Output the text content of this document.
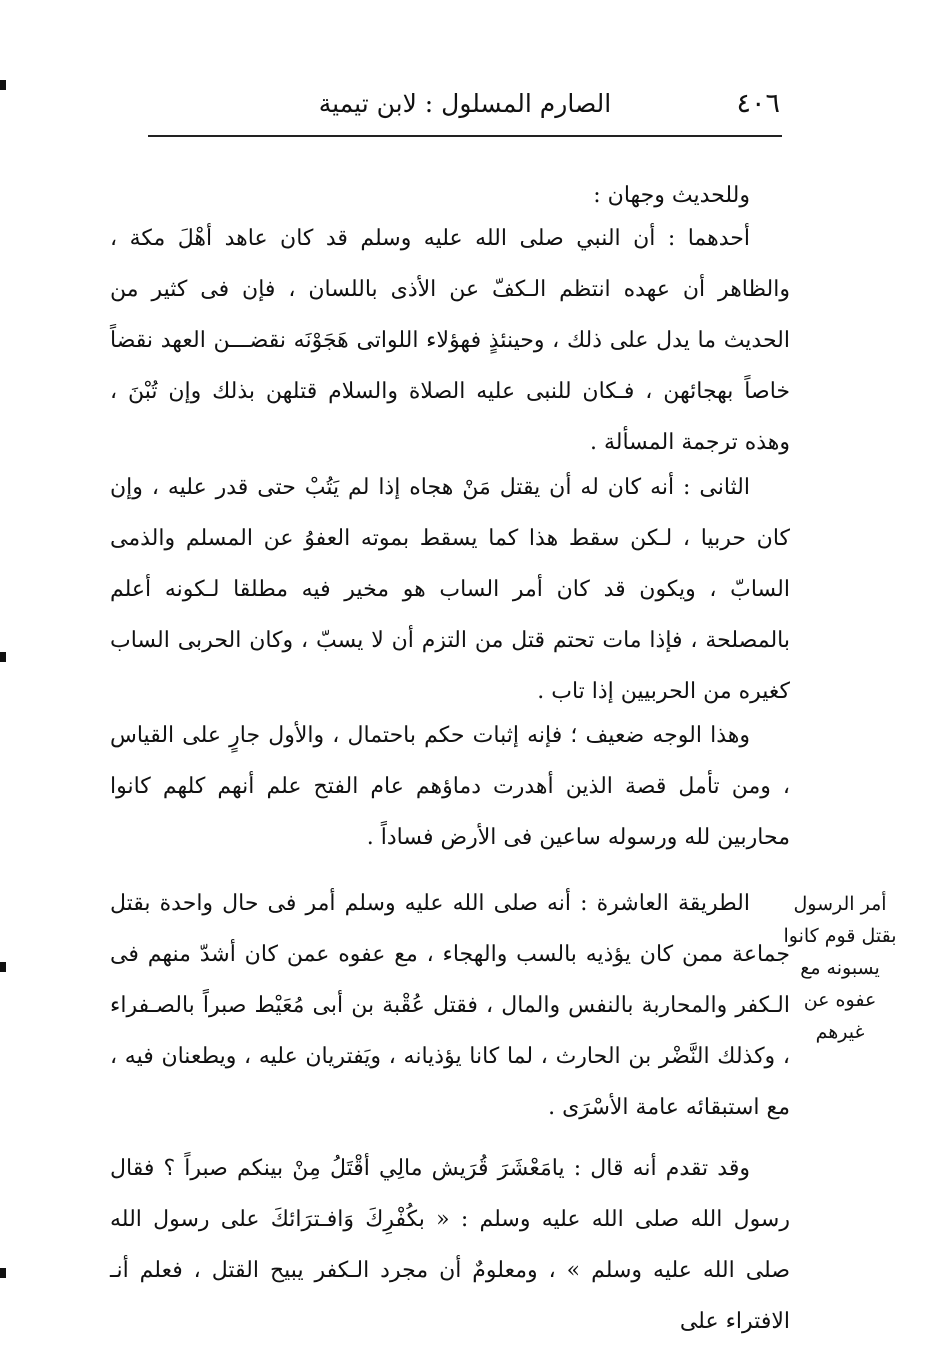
٤٠٦
الصارم المسلول : لابن تيمية

وللحديث وجهان :

أحدهما : أن النبي صلى الله عليه وسلم قد كان عاهد أهْلَ مكة ، والظاهر أن عهده انتظم الـكفّ عن الأذى باللسان ، فإن فى كثير من الحديث ما يدل على ذلك ، وحينئذٍ فهؤلاء اللواتى هَجَوْنَه نقضـــن العهد نقضاً خاصاً بهجائهن ، فـكان للنبى عليه الصلاة والسلام قتلهن بذلك وإن تُبْنَ ، وهذه ترجمة المسألة .

الثانى : أنه كان له أن يقتل مَنْ هجاه إذا لم يَتُبْ حتى قدر عليه ، وإن كان حربيا ، لـكن سقط هذا كما يسقط بموته العفوُ عن المسلم والذمى السابّ ، ويكون قد كان أمر الساب هو مخير فيه مطلقا لـكونه أعلم بالمصلحة ، فإذا مات تحتم قتل من التزم أن لا يسبّ ، وكان الحربى الساب كغيره من الحربيين إذا تاب .

وهذا الوجه ضعيف ؛ فإنه إثبات حكم باحتمال ، والأول جارٍ على القياس ، ومن تأمل قصة الذين أهدرت دماؤهم عام الفتح علم أنهم كلهم كانوا محاربين لله ورسوله ساعين فى الأرض فساداً .

الطريقة العاشرة : أنه صلى الله عليه وسلم أمر فى حال واحدة بقتل جماعة ممن كان يؤذيه بالسب والهجاء ، مع عفوه عمن كان أشدّ منهم فى الـكفر والمحاربة بالنفس والمال ، فقتل عُقْبة بن أبى مُعَيْط صبراً بالصـفراء ، وكذلك النَّضْر بن الحارث ، لما كانا يؤذيانه ، ويَفتريان عليه ، ويطعنان فيه ، مع استبقائه عامة الأسْرَى .

وقد تقدم أنه قال : يامَعْشَرَ قُرَيش مالِي أقْتَلُ مِنْ بينكم صبراً ؟ فقال رسول الله صلى الله عليه وسلم : « بكُفْرِكَ وَافـترَائكَ على رسول الله صلى الله عليه وسلم » ، ومعلومٌ أن مجرد الـكفر يبيح القتل ، فعلم أنـ الافتراء على

أمر الرسول
بقتل قوم كانوا
يسبونه مع
عفوه عن
غيرهم
